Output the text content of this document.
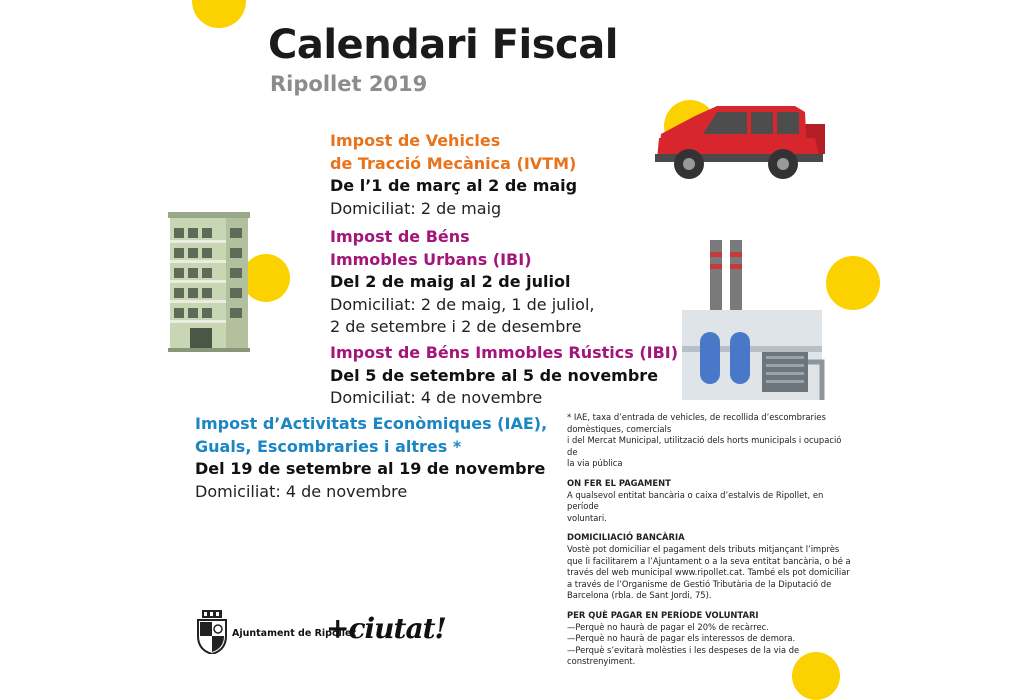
Calendari Fiscal
Ripollet 2019
Impost de Vehicles
de Tracció Mecànica (IVTM)
De l’1 de març al 2 de maig
Domiciliat: 2 de maig
Impost de Béns
Immobles Urbans (IBI)
Del 2 de maig al 2 de juliol
Domiciliat: 2 de maig, 1 de juliol,
2 de setembre i 2 de desembre
Impost de Béns Immobles Rústics (IBI)
Del 5 de setembre al 5 de novembre
Domiciliat: 4 de novembre
Impost d’Activitats Econòmiques (IAE),
Guals, Escombraries i altres *
Del 19 de setembre al 19 de novembre
Domiciliat: 4 de novembre

* IAE, taxa d’entrada de vehicles, de recollida d’escombraries
domèstiques, comercials
i del Mercat Municipal, utilització dels horts municipals i ocupació de
la via pública

ON FER EL PAGAMENT

A qualsevol entitat bancària o caixa d’estalvis de Ripollet, en període
voluntari.

DOMICILIACIÓ BANCÀRIA

Vostè pot domiciliar el pagament dels tributs mitjançant l’imprès
que li facilitarem a l’Ajuntament o a la seva entitat bancària, o bé a
través del web municipal www.ripollet.cat. També els pot domiciliar
a través de l’Organisme de Gestió Tributària de la Diputació de
Barcelona (rbla. de Sant Jordi, 75).

PER QUÈ PAGAR EN PERÍODE VOLUNTARI

—Perquè no haurà de pagar el 20% de recàrrec.
—Perquè no haurà de pagar els interessos de demora.
—Perquè s’evitarà molèsties i les despeses de la via de
constrenyiment.

Ajuntament de Ripollet
+ciutat!
